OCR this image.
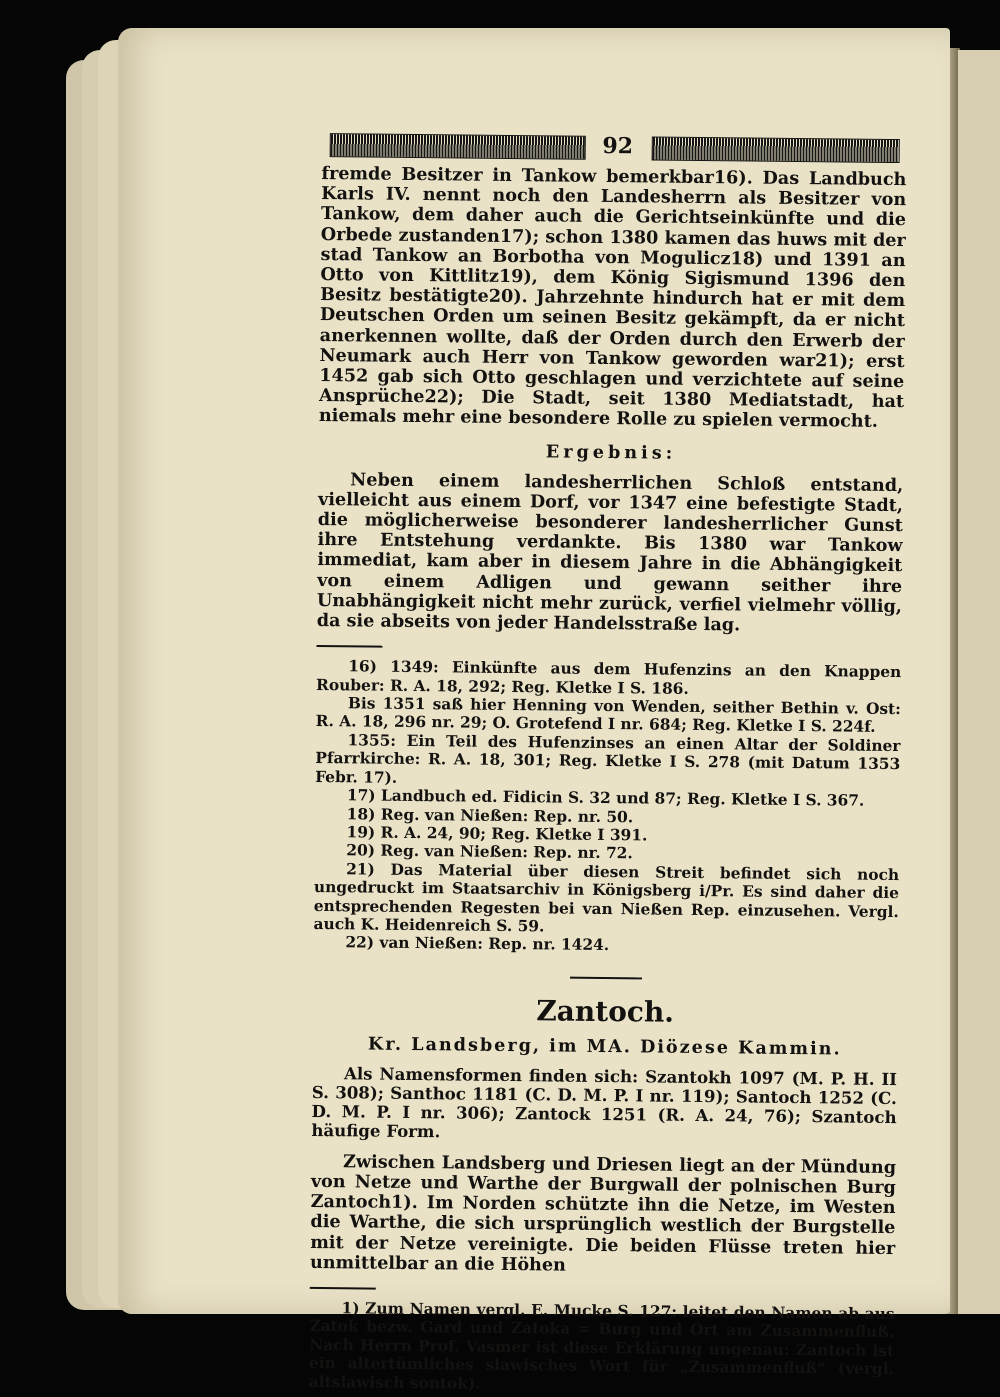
92

fremde Besitzer in Tankow bemerkbar16). Das Landbuch Karls IV. nennt noch den Landesherrn als Besitzer von Tankow, dem daher auch die Gerichtseinkünfte und die Orbede zustanden17); schon 1380 kamen das huws mit der stad Tankow an Borbotha von Mogulicz18) und 1391 an Otto von Kittlitz19), dem König Sigismund 1396 den Besitz bestätigte20). Jahrzehnte hindurch hat er mit dem Deutschen Orden um seinen Besitz gekämpft, da er nicht anerkennen wollte, daß der Orden durch den Erwerb der Neumark auch Herr von Tankow geworden war21); erst 1452 gab sich Otto geschlagen und verzichtete auf seine Ansprüche22); Die Stadt, seit 1380 Mediatstadt, hat niemals mehr eine besondere Rolle zu spielen vermocht.

Ergebnis:

Neben einem landesherrlichen Schloß entstand, vielleicht aus einem Dorf, vor 1347 eine befestigte Stadt, die möglicherweise besonderer landesherrlicher Gunst ihre Entstehung verdankte. Bis 1380 war Tankow immediat, kam aber in diesem Jahre in die Abhängigkeit von einem Adligen und gewann seither ihre Unabhängigkeit nicht mehr zurück, verfiel vielmehr völlig, da sie abseits von jeder Handelsstraße lag.

16) 1349: Einkünfte aus dem Hufenzins an den Knappen Rouber: R. A. 18, 292; Reg. Kletke I S. 186.

Bis 1351 saß hier Henning von Wenden, seither Bethin v. Ost: R. A. 18, 296 nr. 29; O. Grotefend I nr. 684; Reg. Kletke I S. 224f.

1355: Ein Teil des Hufenzinses an einen Altar der Soldiner Pfarrkirche: R. A. 18, 301; Reg. Kletke I S. 278 (mit Datum 1353 Febr. 17).

17) Landbuch ed. Fidicin S. 32 und 87; Reg. Kletke I S. 367.

18) Reg. van Nießen: Rep. nr. 50.

19) R. A. 24, 90; Reg. Kletke I 391.

20) Reg. van Nießen: Rep. nr. 72.

21) Das Material über diesen Streit befindet sich noch ungedruckt im Staatsarchiv in Königsberg i/Pr. Es sind daher die entsprechenden Regesten bei van Nießen Rep. einzusehen. Vergl. auch K. Heidenreich S. 59.

22) van Nießen: Rep. nr. 1424.

Zantoch.
Kr. Landsberg, im MA. Diözese Kammin.

Als Namensformen finden sich: Szantokh 1097 (M. P. H. II S. 308); Santhoc 1181 (C. D. M. P. I nr. 119); Santoch 1252 (C. D. M. P. I nr. 306); Zantock 1251 (R. A. 24, 76); Szantoch häufige Form.

Zwischen Landsberg und Driesen liegt an der Mündung von Netze und Warthe der Burgwall der polnischen Burg Zantoch1). Im Norden schützte ihn die Netze, im Westen die Warthe, die sich ursprünglich westlich der Burgstelle mit der Netze vereinigte. Die beiden Flüsse treten hier unmittelbar an die Höhen

1) Zum Namen vergl. E. Mucke S. 127: leitet den Namen ab aus Zatok bezw. Gard und Zatoka = Burg und Ort am Zusammenfluß. Nach Herrn Prof. Vasmer ist diese Erklärung ungenau: Zantoch ist ein altertümliches slawisches Wort für „Zusammenfluß“ (vergl. altslawisch sontok).
